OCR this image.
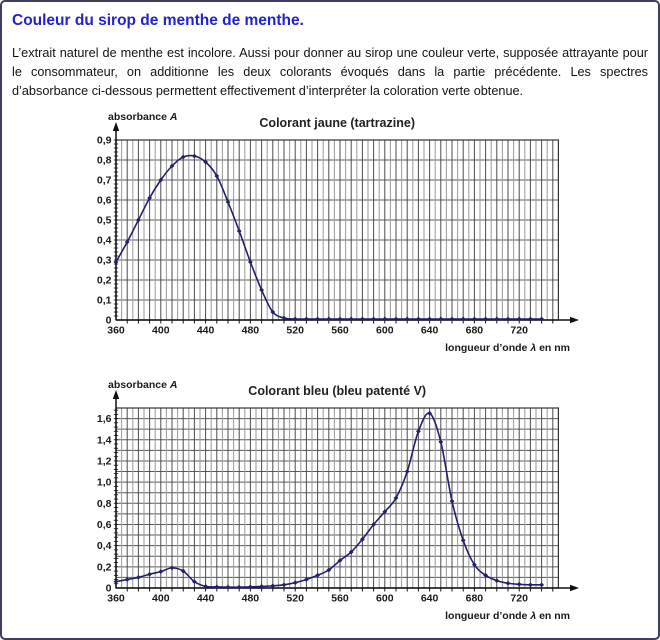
Couleur du sirop de menthe de menthe.

L’extrait naturel de menthe est incolore. Aussi pour donner au sirop une couleur verte, supposée attrayante pour le consommateur, on additionne les deux colorants évoqués dans la partie précédente. Les spectres d’absorbance ci-dessous permettent effectivement d’interpréter la coloration verte obtenue.

Colorant jaune (tartrazine)
absorbance A
longueur d’onde λ en nm
360	400	440	480	520	560	600	640	680	720
0
0,1
0,2
0,3
0,4
0,5
0,6
0,7
0,8
0,9
Colorant bleu (bleu patenté V)
absorbance A
longueur d’onde λ en nm
360	400	440	480	520	560	600	640	680	720
0
0,2
0,4
0,6
0,8
1,0
1,2
1,4
1,6
